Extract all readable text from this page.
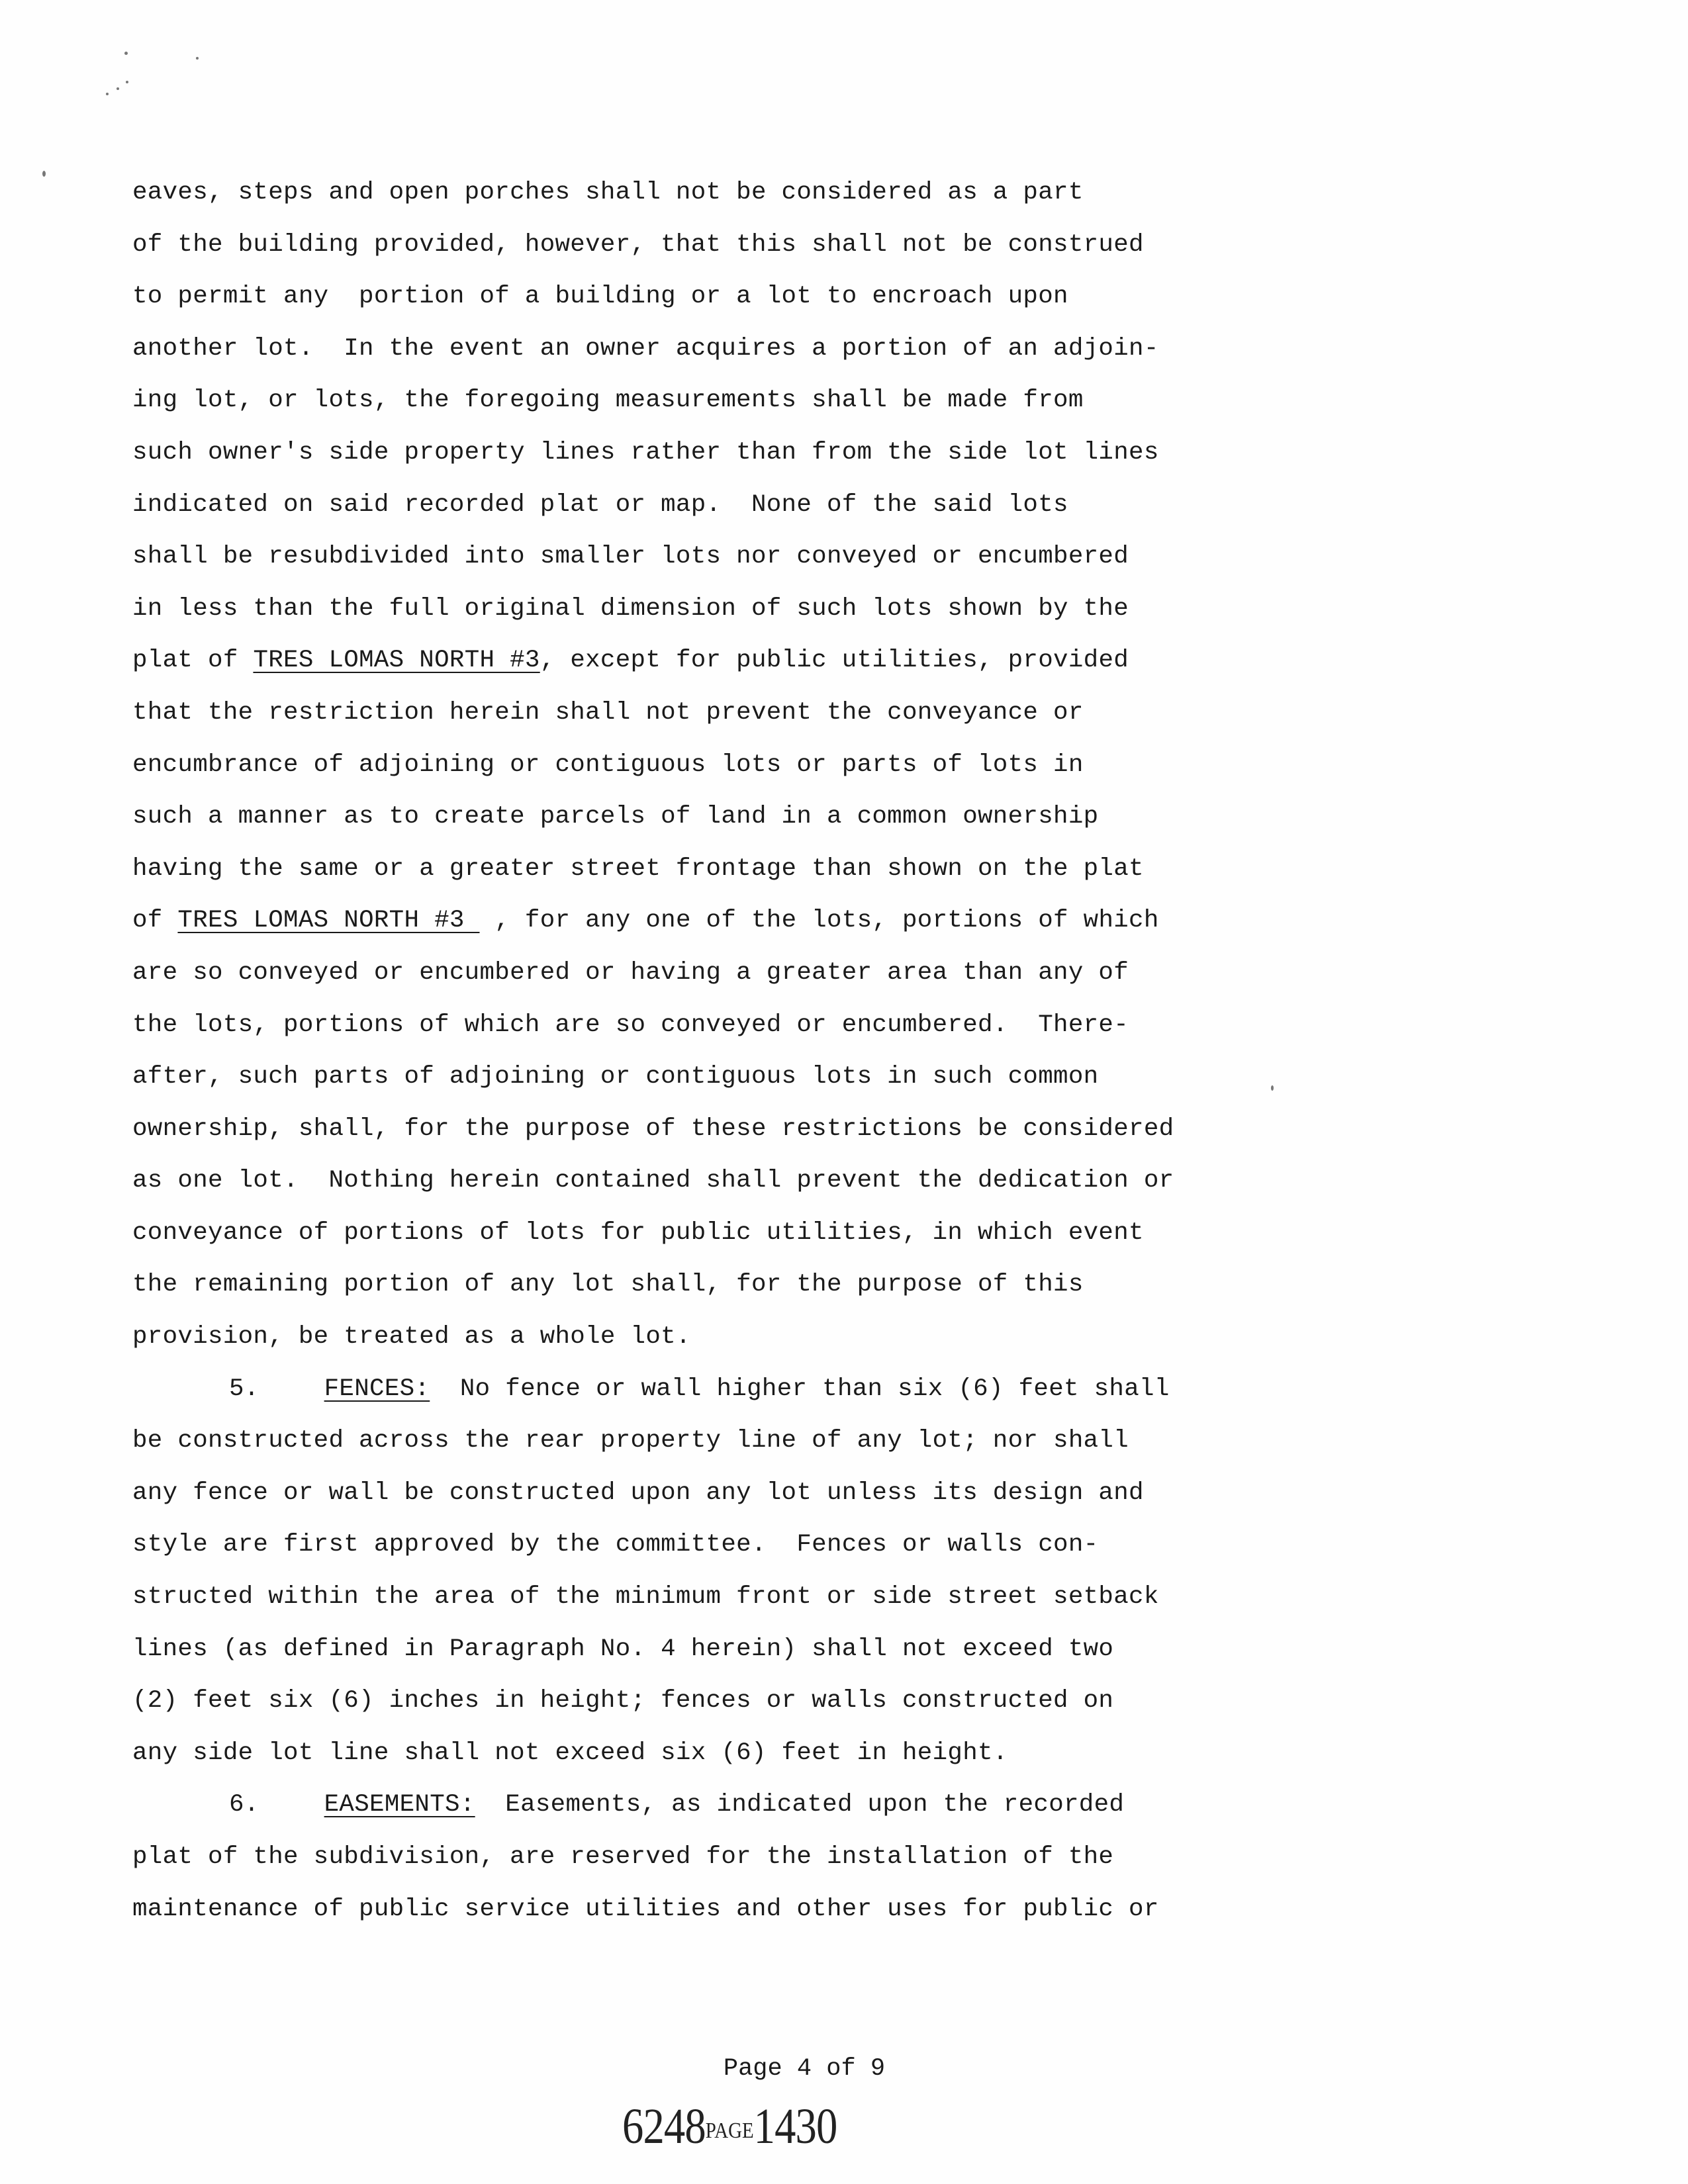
eaves, steps and open porches shall not be considered as a part
of the building provided, however, that this shall not be construed
to permit any  portion of a building or a lot to encroach upon
another lot.  In the event an owner acquires a portion of an adjoin-
ing lot, or lots, the foregoing measurements shall be made from
such owner's side property lines rather than from the side lot lines
indicated on said recorded plat or map.  None of the said lots
shall be resubdivided into smaller lots nor conveyed or encumbered
in less than the full original dimension of such lots shown by the
plat of TRES LOMAS NORTH #3, except for public utilities, provided
that the restriction herein shall not prevent the conveyance or
encumbrance of adjoining or contiguous lots or parts of lots in
such a manner as to create parcels of land in a common ownership
having the same or a greater street frontage than shown on the plat
of TRES LOMAS NORTH #3  , for any one of the lots, portions of which
are so conveyed or encumbered or having a greater area than any of
the lots, portions of which are so conveyed or encumbered.  There-
after, such parts of adjoining or contiguous lots in such common
ownership, shall, for the purpose of these restrictions be considered
as one lot.  Nothing herein contained shall prevent the dedication or
conveyance of portions of lots for public utilities, in which event
the remaining portion of any lot shall, for the purpose of this
provision, be treated as a whole lot.
5.	FENCES:  No fence or wall higher than six (6) feet shall
be constructed across the rear property line of any lot; nor shall
any fence or wall be constructed upon any lot unless its design and
style are first approved by the committee.  Fences or walls con-
structed within the area of the minimum front or side street setback
lines (as defined in Paragraph No. 4 herein) shall not exceed two
(2) feet six (6) inches in height; fences or walls constructed on
any side lot line shall not exceed six (6) feet in height.
6.	EASEMENTS:  Easements, as indicated upon the recorded
plat of the subdivision, are reserved for the installation of the
maintenance of public service utilities and other uses for public or
Page 4 of 9
6248PAGE1430
